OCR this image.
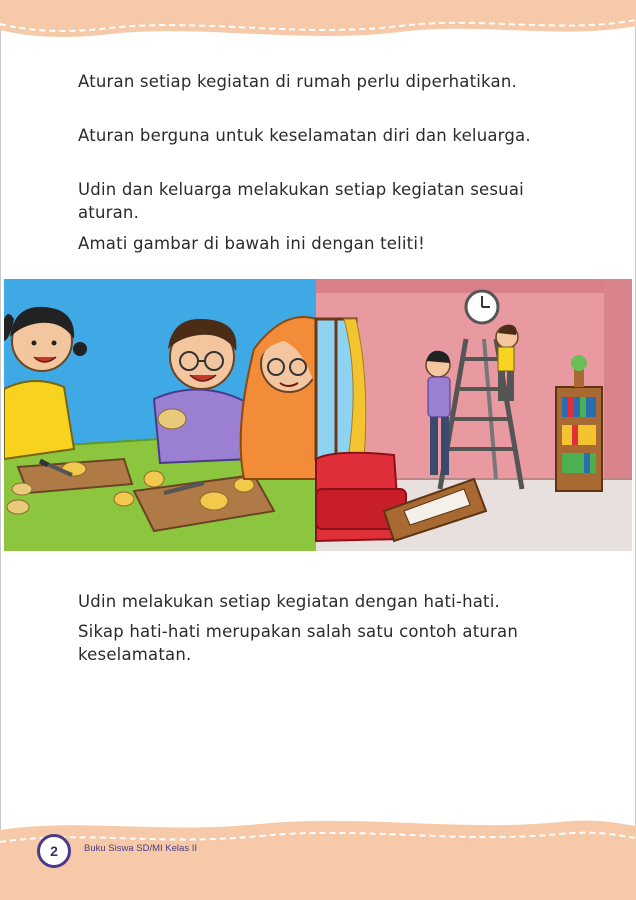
Aturan setiap kegiatan di rumah perlu diperhatikan.

Aturan berguna untuk keselamatan diri dan keluarga.

Udin dan keluarga melakukan setiap kegiatan sesuai aturan.

Amati gambar di bawah ini dengan teliti!

Udin melakukan setiap kegiatan dengan hati-hati.

Sikap hati-hati merupakan salah satu contoh aturan keselamatan.

2	Buku Siswa SD/MI Kelas II
